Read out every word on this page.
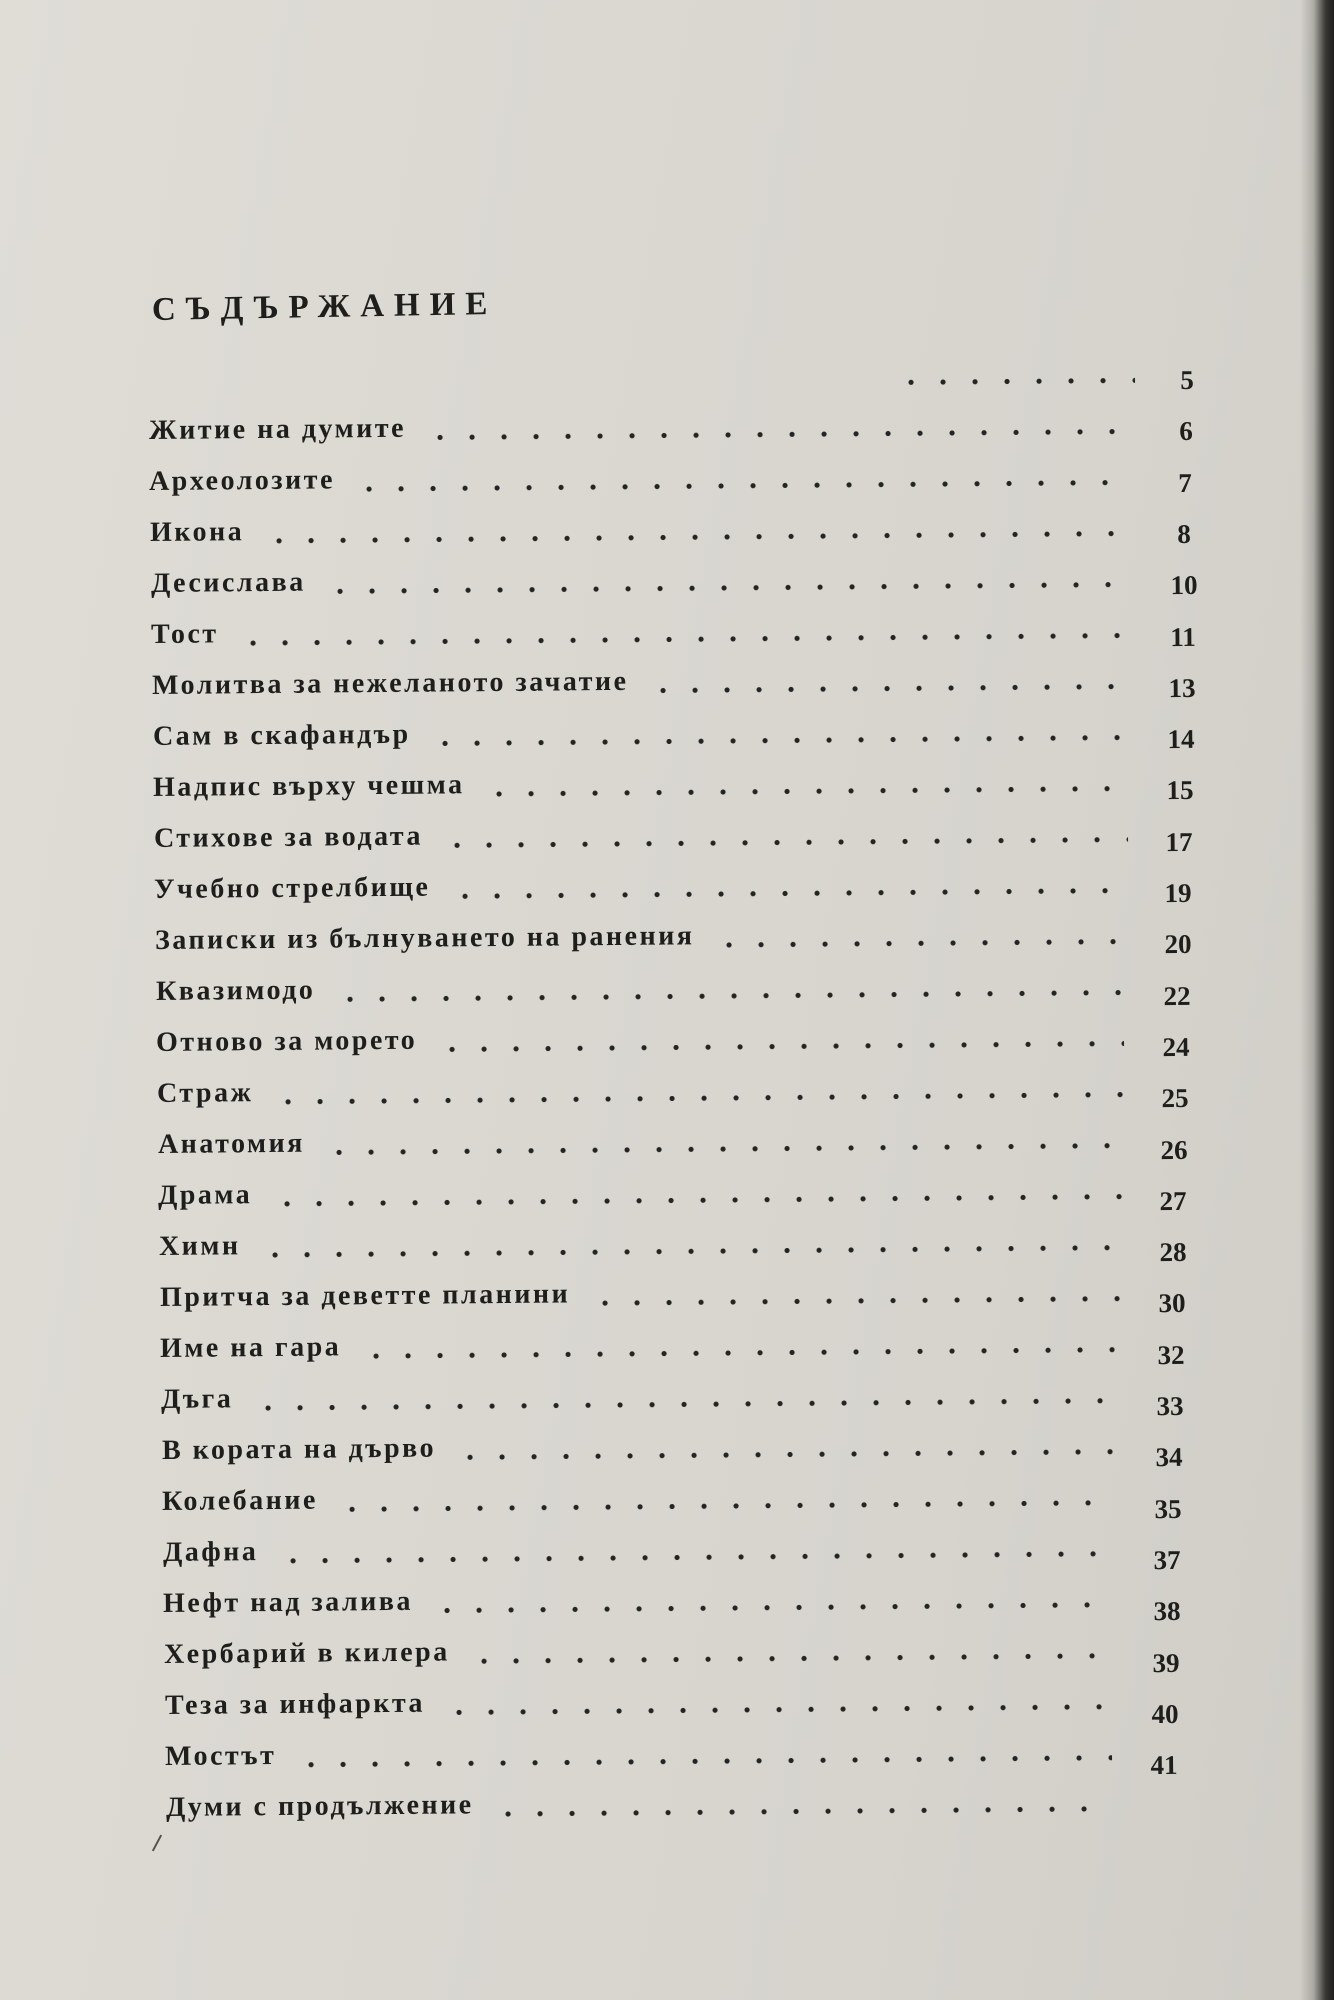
СЪДЪРЖАНИЕ
Житие на думите
Археолозите
Икона
Десислава
Тост
Молитва за нежеланото зачатие
Сам в скафандър
Надпис върху чешма
Стихове за водата
Учебно стрелбище
Записки из бълнуването на ранения
Квазимодо
Отново за морето
Страж
Анатомия
Драма
Химн
Притча за деветте планини
Име на гара
Дъга
В кората на дърво
Колебание
Дафна
Нефт над залива
Хербарий в килера
Теза за инфаркта
Мостът
Думи с продължение
5
6
7
8
10
11
13
14
15
17
19
20
22
24
25
26
27
28
30
32
33
34
35
37
38
39
40
41
